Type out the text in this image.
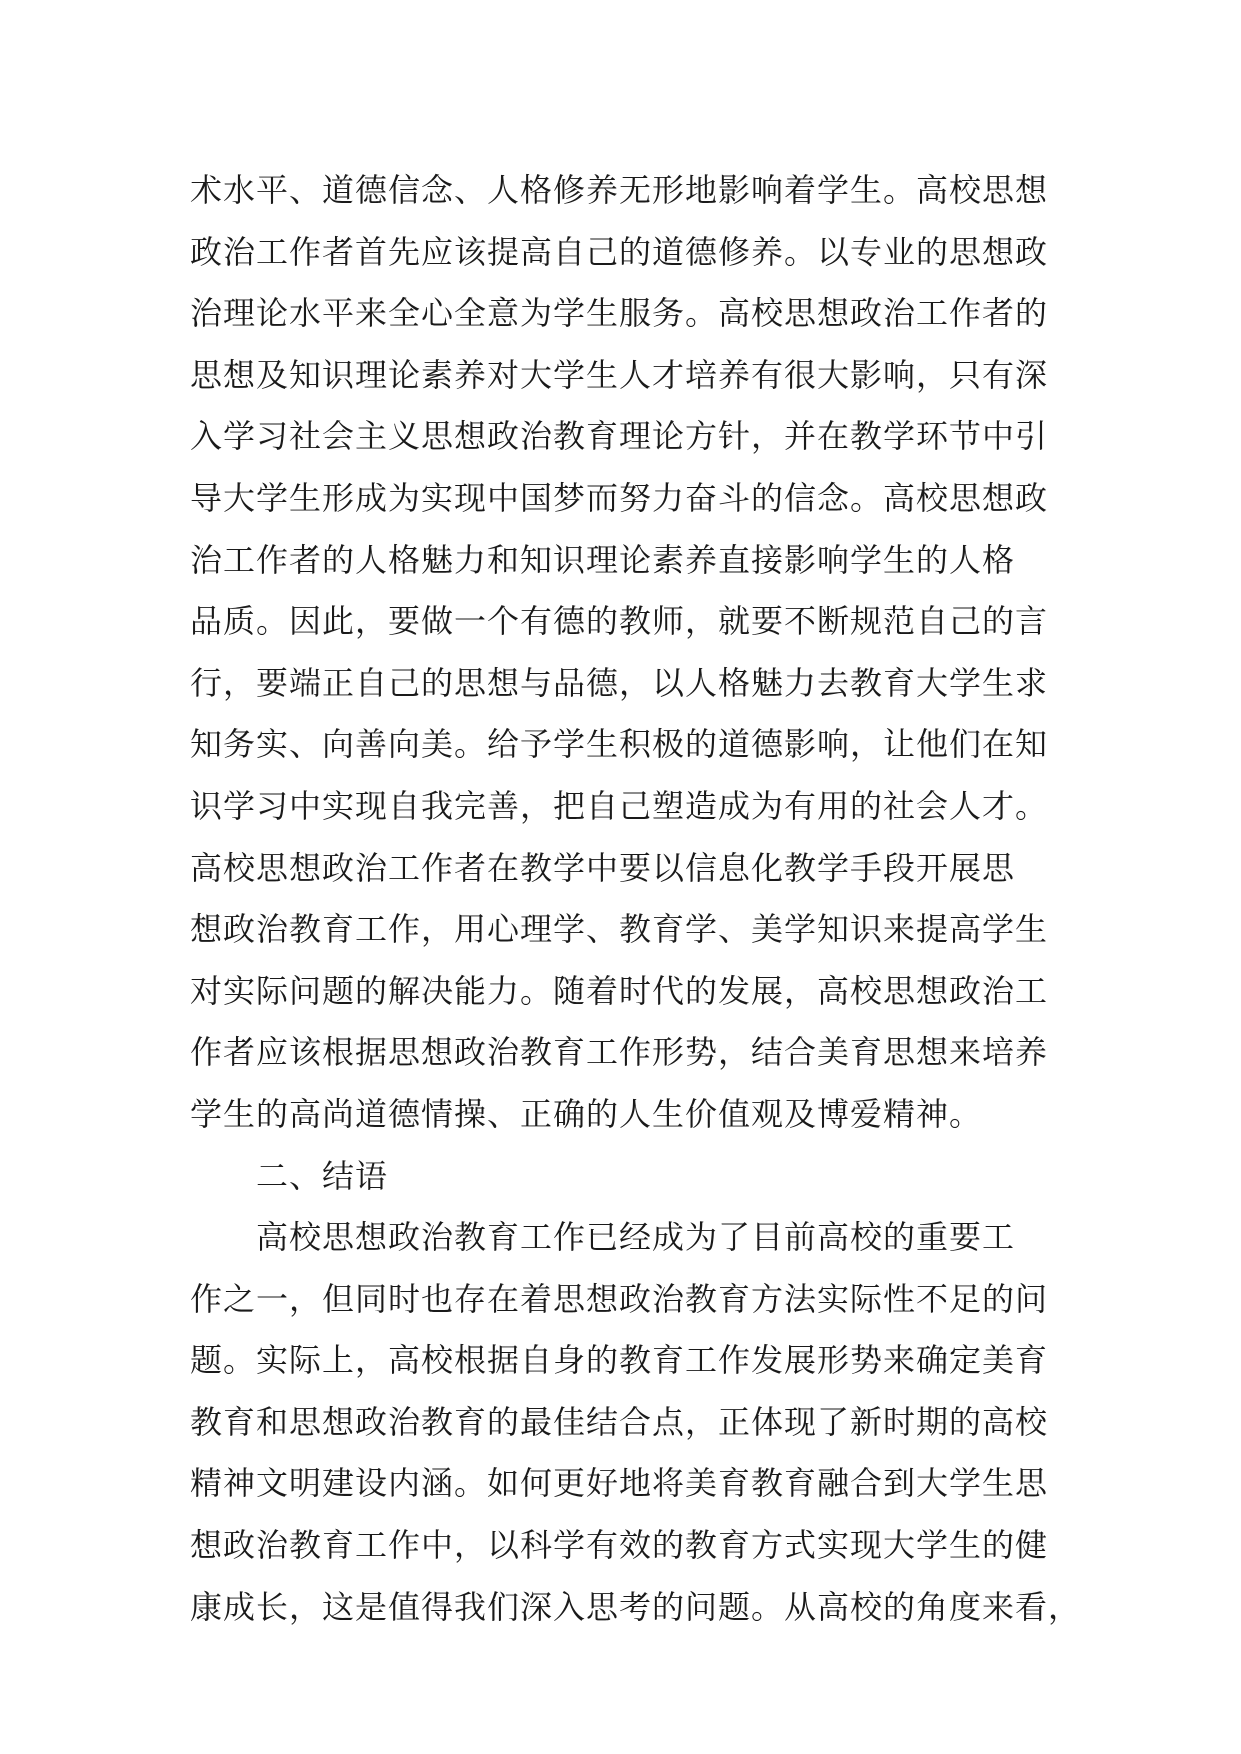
术水平、道德信念、人格修养无形地影响着学生。高校思想
政治工作者首先应该提高自己的道德修养。以专业的思想政
治理论水平来全心全意为学生服务。高校思想政治工作者的
思想及知识理论素养对大学生人才培养有很大影响，只有深
入学习社会主义思想政治教育理论方针，并在教学环节中引
导大学生形成为实现中国梦而努力奋斗的信念。高校思想政
治工作者的人格魅力和知识理论素养直接影响学生的人格
品质。因此，要做一个有德的教师，就要不断规范自己的言
行，要端正自己的思想与品德，以人格魅力去教育大学生求
知务实、向善向美。给予学生积极的道德影响，让他们在知
识学习中实现自我完善，把自己塑造成为有用的社会人才。
高校思想政治工作者在教学中要以信息化教学手段开展思
想政治教育工作，用心理学、教育学、美学知识来提高学生
对实际问题的解决能力。随着时代的发展，高校思想政治工
作者应该根据思想政治教育工作形势，结合美育思想来培养
学生的高尚道德情操、正确的人生价值观及博爱精神。
二、结语
高校思想政治教育工作已经成为了目前高校的重要工
作之一，但同时也存在着思想政治教育方法实际性不足的问
题。实际上，高校根据自身的教育工作发展形势来确定美育
教育和思想政治教育的最佳结合点，正体现了新时期的高校
精神文明建设内涵。如何更好地将美育教育融合到大学生思
想政治教育工作中，以科学有效的教育方式实现大学生的健
康成长，这是值得我们深入思考的问题。从高校的角度来看，
